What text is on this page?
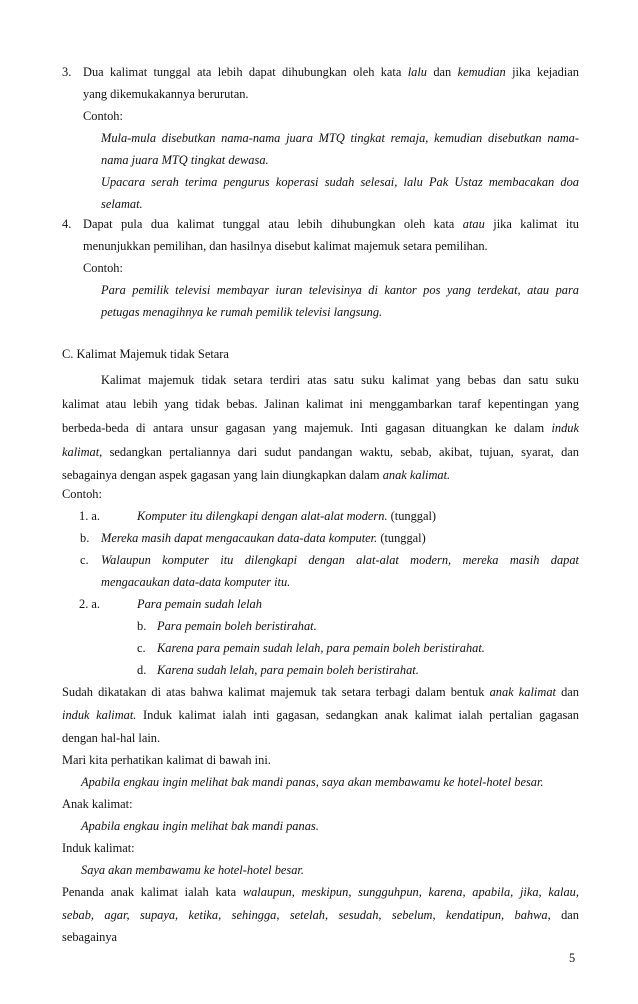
3. Dua kalimat tunggal ata lebih dapat dihubungkan oleh kata lalu dan kemudian jika kejadian
yang dikemukakannya berurutan.
Contoh:
Mula-mula disebutkan nama-nama juara MTQ tingkat remaja, kemudian disebutkan nama-
nama juara MTQ tingkat dewasa.
Upacara serah terima pengurus koperasi sudah selesai, lalu Pak Ustaz membacakan doa
selamat.
4. Dapat pula dua kalimat tunggal atau lebih dihubungkan oleh kata atau jika kalimat itu
menunjukkan pemilihan, dan hasilnya disebut kalimat majemuk setara pemilihan.
Contoh:
Para pemilik televisi membayar iuran televisinya di kantor pos yang terdekat, atau para
petugas menagihnya ke rumah pemilik televisi langsung.
C. Kalimat Majemuk tidak Setara
Kalimat majemuk tidak setara terdiri atas satu suku kalimat yang bebas dan satu suku
kalimat atau lebih yang tidak bebas. Jalinan kalimat ini menggambarkan taraf kepentingan yang
berbeda-beda di antara unsur gagasan yang majemuk. Inti gagasan dituangkan ke dalam induk
kalimat, sedangkan pertaliannya dari sudut pandangan waktu, sebab, akibat, tujuan, syarat, dan
sebagainya dengan aspek gagasan yang lain diungkapkan dalam anak kalimat.
Contoh:
1. a.	Komputer itu dilengkapi dengan alat-alat modern. (tunggal)
b. Mereka masih dapat mengacaukan data-data komputer. (tunggal)
c. Walaupun komputer itu dilengkapi dengan alat-alat modern, mereka masih dapat
mengacaukan data-data komputer itu.
2. a.	Para pemain sudah lelah
b. Para pemain boleh beristirahat.
c. Karena para pemain sudah lelah, para pemain boleh beristirahat.
d. Karena sudah lelah, para pemain boleh beristirahat.
Sudah dikatakan di atas bahwa kalimat majemuk tak setara terbagi dalam bentuk anak kalimat dan
induk kalimat. Induk kalimat ialah inti gagasan, sedangkan anak kalimat ialah pertalian gagasan
dengan hal-hal lain.
Mari kita perhatikan kalimat di bawah ini.
Apabila engkau ingin melihat bak mandi panas, saya akan membawamu ke hotel-hotel besar.
Anak kalimat:
Apabila engkau ingin melihat bak mandi panas.
Induk kalimat:
Saya akan membawamu ke hotel-hotel besar.
Penanda anak kalimat ialah kata walaupun, meskipun, sungguhpun, karena, apabila, jika, kalau,
sebab, agar, supaya, ketika, sehingga, setelah, sesudah, sebelum, kendatipun, bahwa, dan
sebagainya
5
